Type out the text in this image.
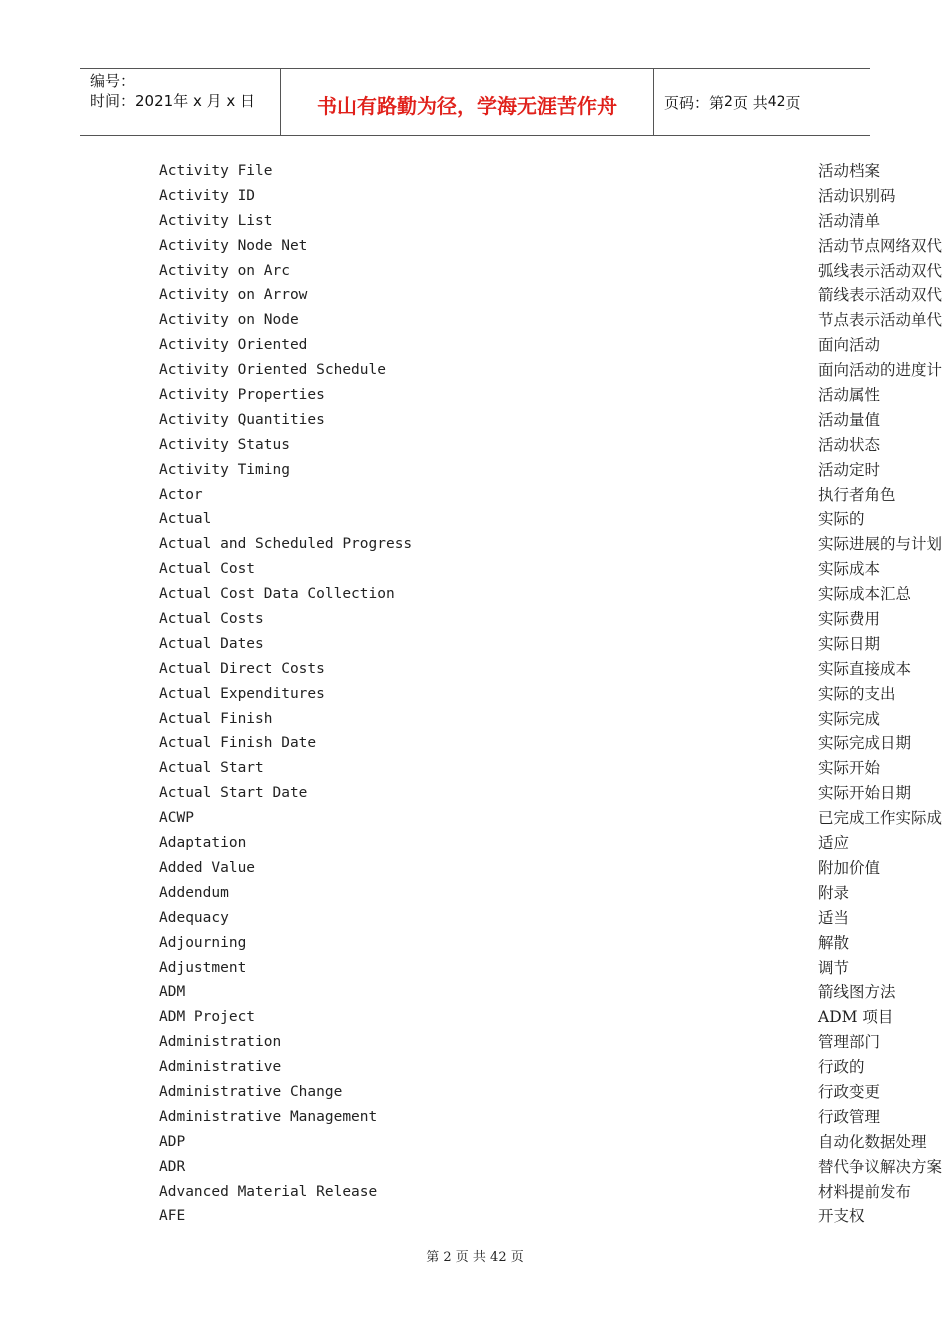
编号：
时间：2021年 x 月 x 日	书山有路勤为径，学海无涯苦作舟	页码：第 2 页 共 42 页
Activity File	活动档案
Activity ID	活动识别码
Activity List	活动清单
Activity Node Net	活动节点网络双代
Activity on Arc	弧线表示活动双代
Activity on Arrow	箭线表示活动双代
Activity on Node	节点表示活动单代
Activity Oriented	面向活动
Activity Oriented Schedule	面向活动的进度计
Activity Properties	活动属性
Activity Quantities	活动量值
Activity Status	活动状态
Activity Timing	活动定时
Actor	执行者角色
Actual	实际的
Actual and Scheduled Progress	实际进展的与计划
Actual Cost	实际成本
Actual Cost Data Collection	实际成本汇总
Actual Costs	实际费用
Actual Dates	实际日期
Actual Direct Costs	实际直接成本
Actual Expenditures	实际的支出
Actual Finish	实际完成
Actual Finish Date	实际完成日期
Actual Start	实际开始
Actual Start Date	实际开始日期
ACWP	已完成工作实际成
Adaptation	适应
Added Value	附加价值
Addendum	附录
Adequacy	适当
Adjourning	解散
Adjustment	调节
ADM	箭线图方法
ADM Project	ADM 项目
Administration	管理部门
Administrative	行政的
Administrative Change	行政变更
Administrative Management	行政管理
ADP	自动化数据处理
ADR	替代争议解决方案
Advanced Material Release	材料提前发布
AFE	开支权
第 2 页 共 42 页
